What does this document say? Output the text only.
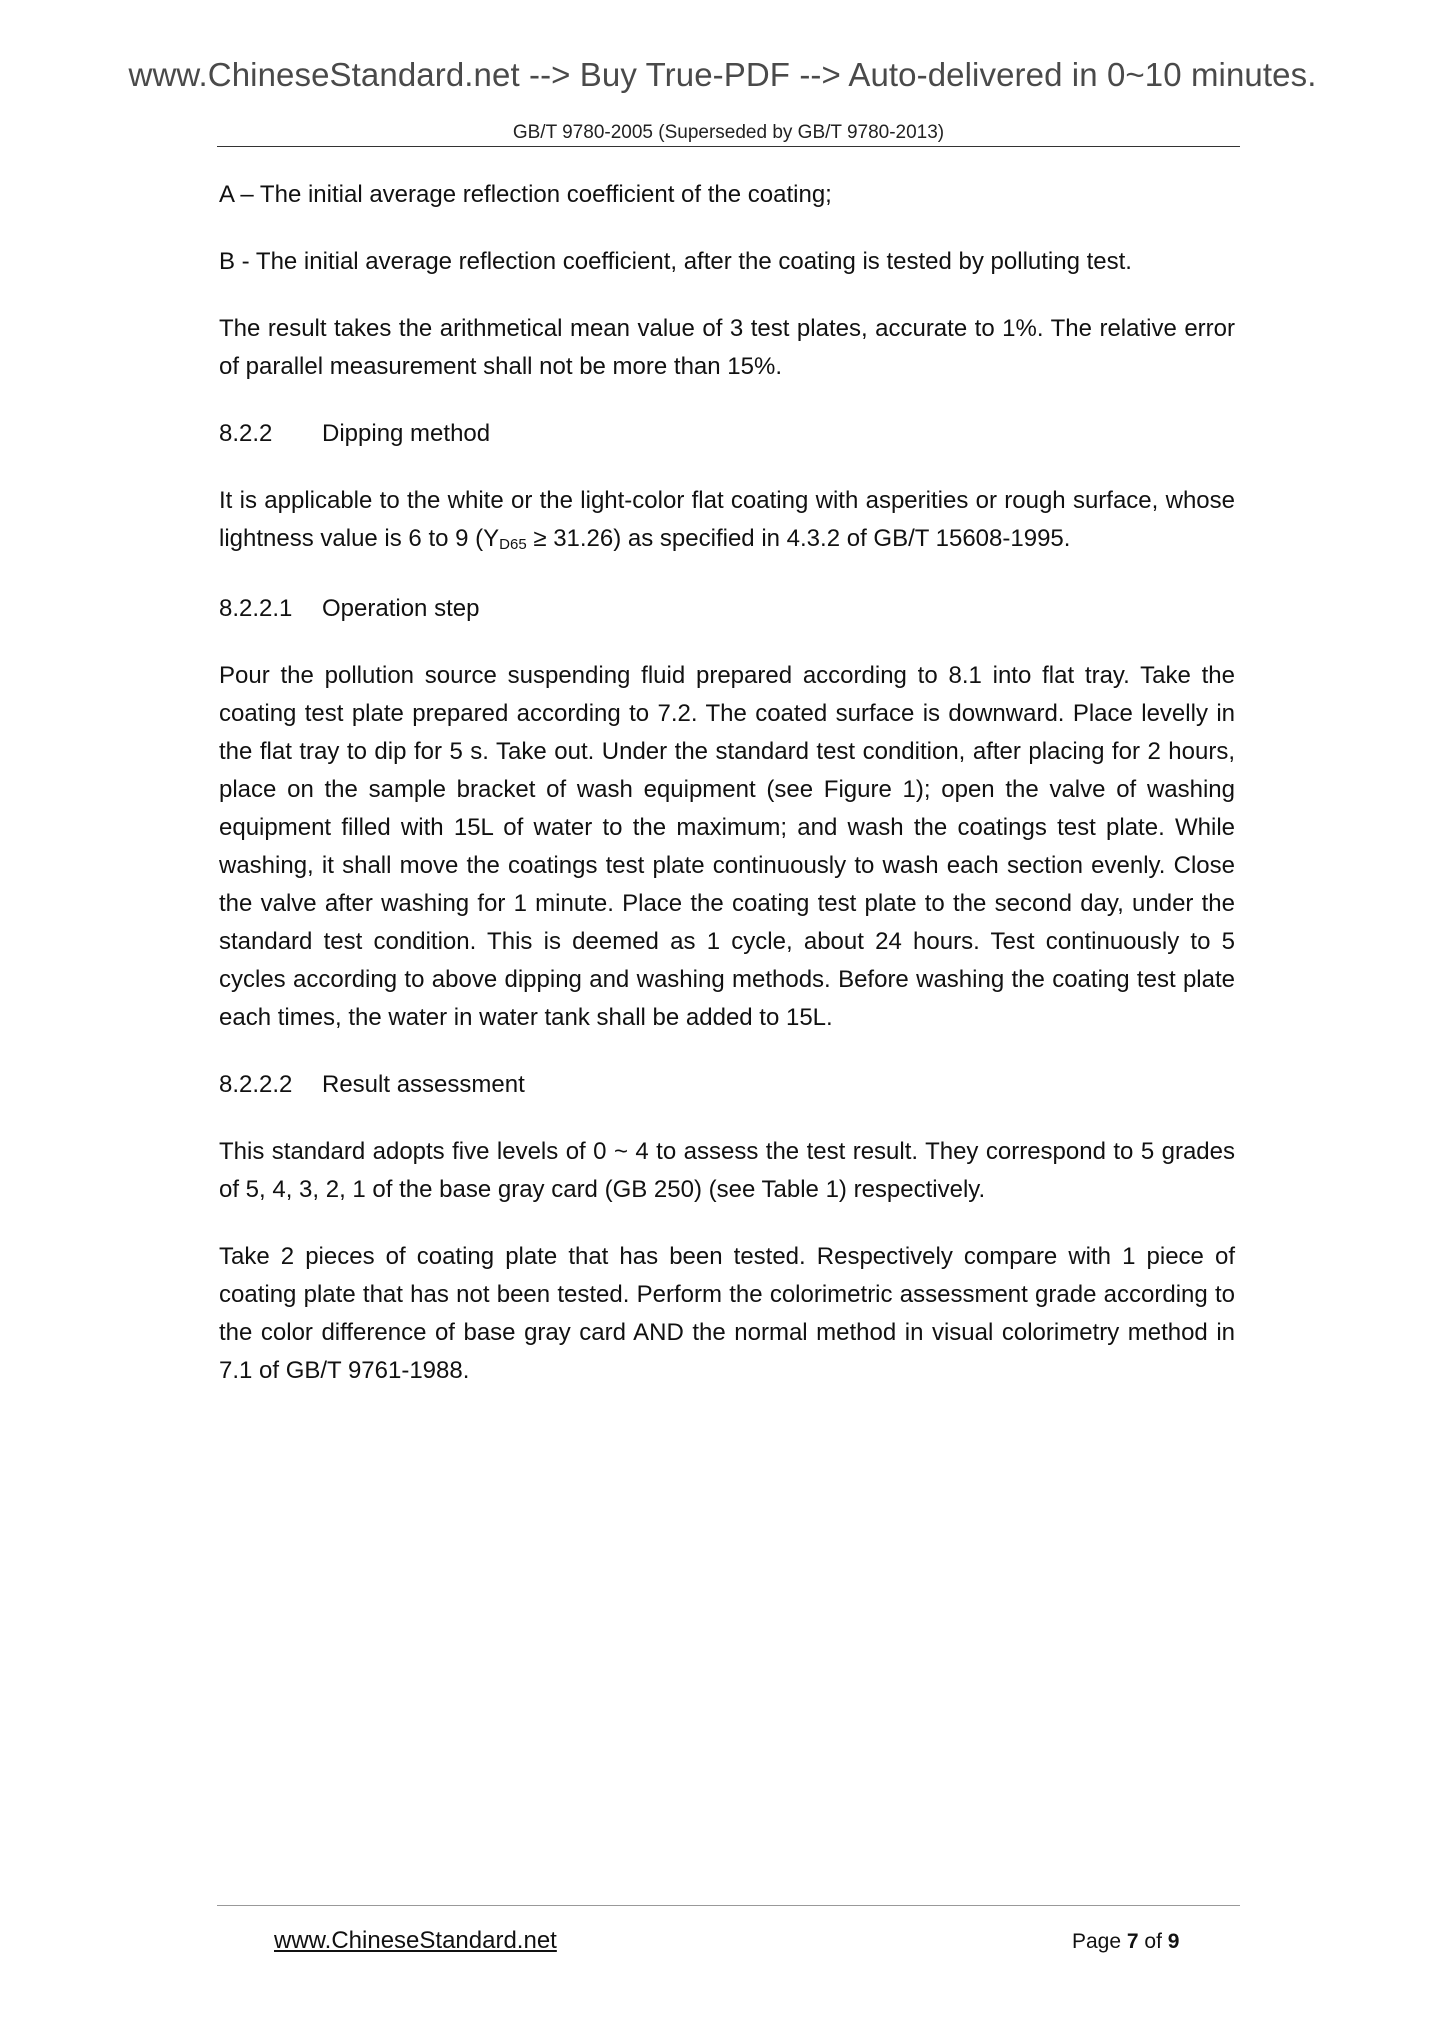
www.ChineseStandard.net --> Buy True-PDF --> Auto-delivered in 0~10 minutes.
GB/T 9780-2005 (Superseded by GB/T 9780-2013)

A – The initial average reflection coefficient of the coating;

B - The initial average reflection coefficient, after the coating is tested by polluting test.

The result takes the arithmetical mean value of 3 test plates, accurate to 1%. The relative error of parallel measurement shall not be more than 15%.

8.2.2	Dipping method

It is applicable to the white or the light-color flat coating with asperities or rough surface, whose lightness value is 6 to 9 $(Y_{D65} \ge 31.26)$ as specified in 4.3.2 of GB/T 15608-1995.

8.2.2.1	Operation step

Pour the pollution source suspending fluid prepared according to 8.1 into flat tray. Take the coating test plate prepared according to 7.2. The coated surface is downward. Place levelly in the flat tray to dip for 5 s. Take out. Under the standard test condition, after placing for 2 hours, place on the sample bracket of wash equipment (see Figure 1); open the valve of washing equipment filled with 15L of water to the maximum; and wash the coatings test plate. While washing, it shall move the coatings test plate continuously to wash each section evenly. Close the valve after washing for 1 minute. Place the coating test plate to the second day, under the standard test condition. This is deemed as 1 cycle, about 24 hours. Test continuously to 5 cycles according to above dipping and washing methods. Before washing the coating test plate each times, the water in water tank shall be added to 15L.

8.2.2.2	Result assessment

This standard adopts five levels of 0 ~ 4 to assess the test result. They correspond to 5 grades of 5, 4, 3, 2, 1 of the base gray card (GB 250) (see Table 1) respectively.

Take 2 pieces of coating plate that has been tested. Respectively compare with 1 piece of coating plate that has not been tested. Perform the colorimetric assessment grade according to the color difference of base gray card AND the normal method in visual colorimetry method in 7.1 of GB/T 9761-1988.

www.ChineseStandard.net	Page 7 of 9
